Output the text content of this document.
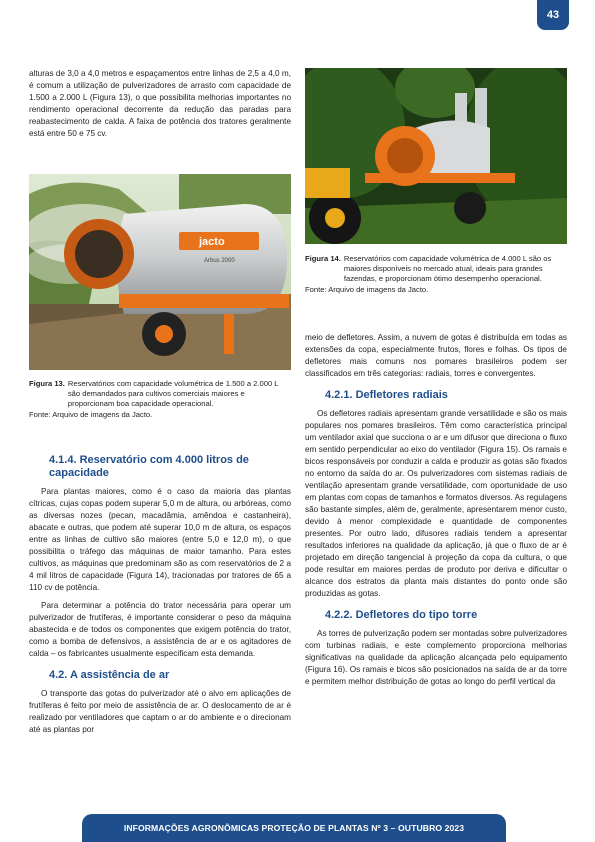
43

alturas de 3,0 a 4,0 metros e espaçamentos entre linhas de 2,5 a 4,0 m, é comum a utilização de pulverizadores de arrasto com capacidade de 1.500 a 2.000 L (Figura 13), o que possibilita melhorias importantes no rendimento operacional decorrente da redução das paradas para reabastecimento de calda. A faixa de potência dos tratores geralmente está entre 50 e 75 cv.

jacto
Arbus 2000
Figura 13. Reservatórios com capacidade volumétrica de 1.500 a 2.000 L são demandados para cultivos comerciais maiores e proporcionam boa capacidade operacional.
Fonte: Arquivo de imagens da Jacto.
4.1.4. Reservatório com 4.000 litros de capacidade

Para plantas maiores, como é o caso da maioria das plantas cítricas, cujas copas podem superar 5,0 m de altura, ou arbóreas, como as diversas nozes (pecan, macadâmia, amêndoa e castanheira), abacate e outras, que podem até superar 10,0 m de altura, os espaços entre as linhas de cultivo são maiores (entre 5,0 e 12,0 m), o que possibilita o tráfego das máquinas de maior tamanho. Para estes cultivos, as máquinas que predominam são as com reservatórios de 2 a 4 mil litros de capacidade (Figura 14), tracionadas por tratores de 65 a 110 cv de potência.

Para determinar a potência do trator necessária para operar um pulverizador de frutíferas, é importante considerar o peso da máquina abastecida e de todos os componentes que exigem potência do trator, como a bomba de defensivos, a assistência de ar e os agitadores de calda – os fabricantes usualmente especificam esta demanda.

4.2. A assistência de ar

O transporte das gotas do pulverizador até o alvo em aplicações de frutíferas é feito por meio de assistência de ar. O deslocamento de ar é realizado por ventiladores que captam o ar do ambiente e o direcionam até as plantas por

Figura 14. Reservatórios com capacidade volumétrica de 4.000 L são os maiores disponíveis no mercado atual, ideais para grandes fazendas, e proporcionam ótimo desempenho operacional.
Fonte: Arquivo de imagens da Jacto.

meio de defletores. Assim, a nuvem de gotas é distribuída em todas as extensões da copa, especialmente frutos, flores e folhas. Os tipos de defletores mais comuns nos pomares brasileiros podem ser classificados em três categorias: radiais, torres e convergentes.

4.2.1. Defletores radiais

Os defletores radiais apresentam grande versatilidade e são os mais populares nos pomares brasileiros. Têm como característica principal um ventilador axial que succiona o ar e um difusor que direciona o fluxo em sentido perpendicular ao eixo do ventilador (Figura 15). Os ramais e bicos responsáveis por conduzir a calda e produzir as gotas são fixados no entorno da saída do ar. Os pulverizadores com sistemas radiais de ventilação apresentam grande versatilidade, com oportunidade de uso em plantas com copas de tamanhos e formatos diversos. As regulagens são bastante simples, além de, geralmente, apresentarem menor custo, devido à menor complexidade e quantidade de componentes presentes. Por outro lado, difusores radiais tendem a apresentar resultados inferiores na qualidade da aplicação, já que o fluxo de ar é projetado em direção tangencial à projeção da copa da cultura, o que pode resultar em maiores perdas de produto por deriva e dificultar o alcance dos estratos da planta mais distantes do ponto onde são produzidas as gotas.

4.2.2. Defletores do tipo torre

As torres de pulverização podem ser montadas sobre pulverizadores com turbinas radiais, e este complemento proporciona melhorias significativas na qualidade da aplicação alcançada pelo equipamento (Figura 16). Os ramais e bicos são posicionados na saída de ar da torre e permitem melhor distribuição de gotas ao longo do perfil vertical da

INFORMAÇÕES AGRONÔMICAS PROTEÇÃO DE PLANTAS Nº 3 – OUTUBRO 2023
